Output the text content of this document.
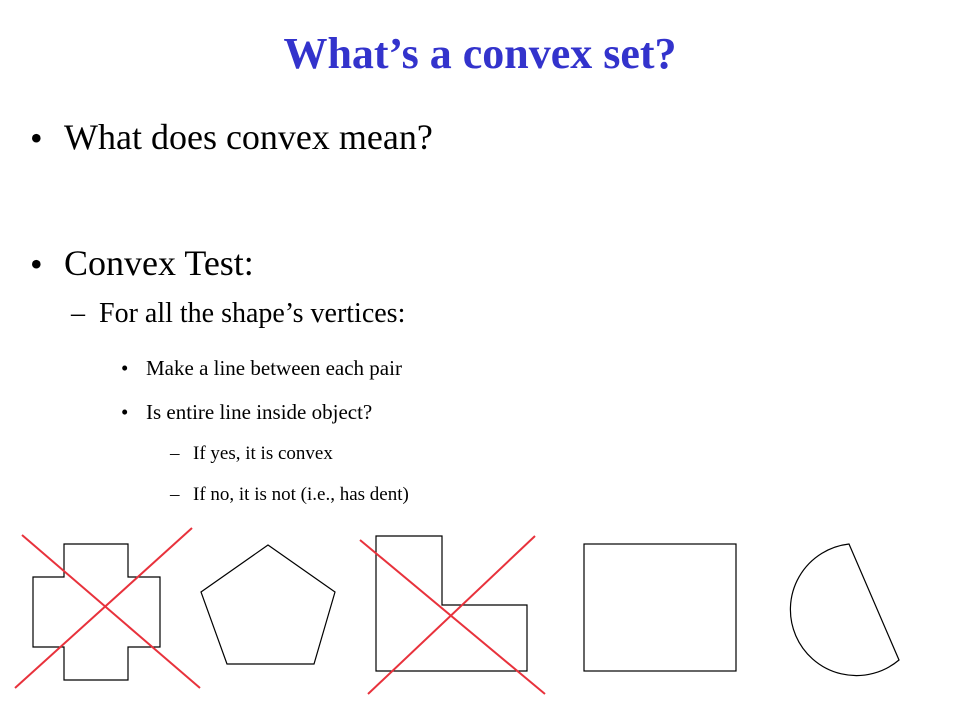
What’s a convex set?
• What does convex mean?
• Convex Test:
– For all the shape’s vertices:
• Make a line between each pair
• Is entire line inside object?
– If yes, it is convex
– If no, it is not (i.e., has dent)
